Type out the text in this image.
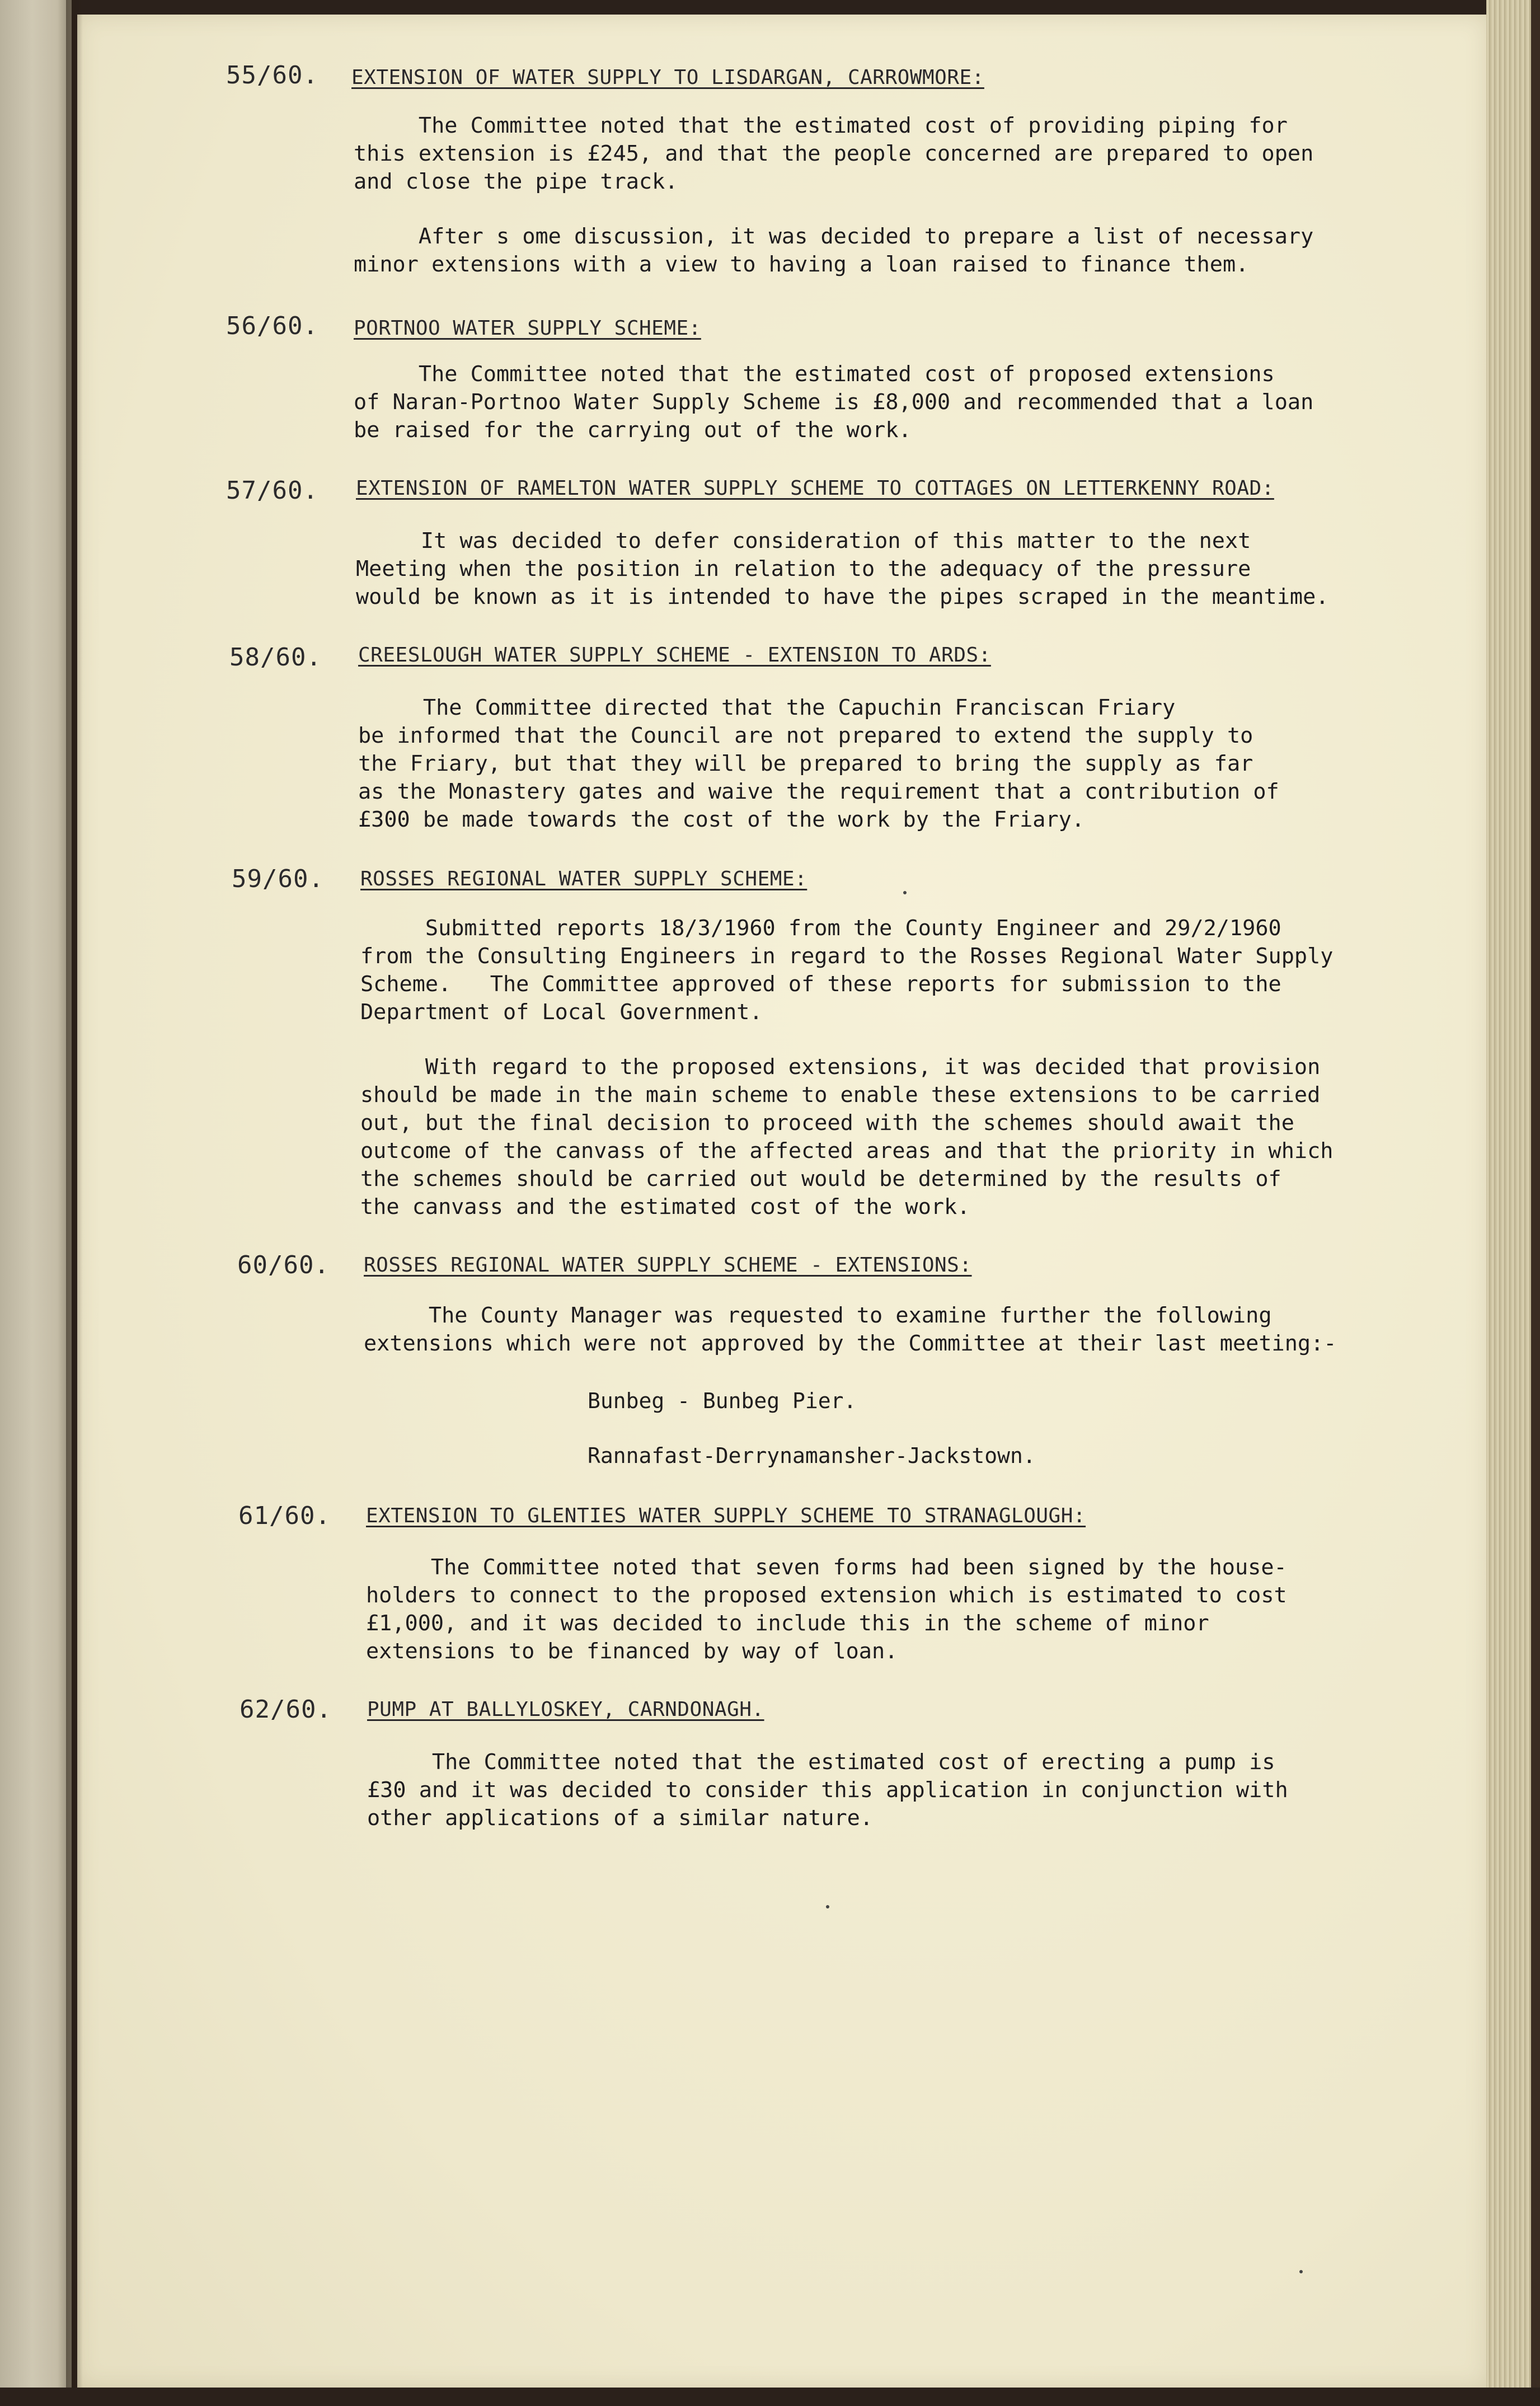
55/60. EXTENSION OF WATER SUPPLY TO LISDARGAN, CARROWMORE:
The Committee noted that the estimated cost of providing piping for
this extension is £245, and that the people concerned are prepared to open
and close the pipe track.
After s ome discussion, it was decided to prepare a list of necessary
minor extensions with a view to having a loan raised to finance them.
56/60. PORTNOO WATER SUPPLY SCHEME:
The Committee noted that the estimated cost of proposed extensions
of Naran-Portnoo Water Supply Scheme is £8,000 and recommended that a loan
be raised for the carrying out of the work.
57/60. EXTENSION OF RAMELTON WATER SUPPLY SCHEME TO COTTAGES ON LETTERKENNY ROAD:
It was decided to defer consideration of this matter to the next
Meeting when the position in relation to the adequacy of the pressure
would be known as it is intended to have the pipes scraped in the meantime.
58/60. CREESLOUGH WATER SUPPLY SCHEME - EXTENSION TO ARDS:
The Committee directed that the Capuchin Franciscan Friary
be informed that the Council are not prepared to extend the supply to
the Friary, but that they will be prepared to bring the supply as far
as the Monastery gates and waive the requirement that a contribution of
£300 be made towards the cost of the work by the Friary.
59/60. ROSSES REGIONAL WATER SUPPLY SCHEME:
Submitted reports 18/3/1960 from the County Engineer and 29/2/1960
from the Consulting Engineers in regard to the Rosses Regional Water Supply
Scheme.   The Committee approved of these reports for submission to the
Department of Local Government.
With regard to the proposed extensions, it was decided that provision
should be made in the main scheme to enable these extensions to be carried
out, but the final decision to proceed with the schemes should await the
outcome of the canvass of the affected areas and that the priority in which
the schemes should be carried out would be determined by the results of
the canvass and the estimated cost of the work.
60/60. ROSSES REGIONAL WATER SUPPLY SCHEME - EXTENSIONS:
The County Manager was requested to examine further the following
extensions which were not approved by the Committee at their last meeting:-
Bunbeg - Bunbeg Pier.
Rannafast-Derrynamansher-Jackstown.
61/60. EXTENSION TO GLENTIES WATER SUPPLY SCHEME TO STRANAGLOUGH:
The Committee noted that seven forms had been signed by the house-
holders to connect to the proposed extension which is estimated to cost
£1,000, and it was decided to include this in the scheme of minor
extensions to be financed by way of loan.
62/60. PUMP AT BALLYLOSKEY, CARNDONAGH.
The Committee noted that the estimated cost of erecting a pump is
£30 and it was decided to consider this application in conjunction with
other applications of a similar nature.
